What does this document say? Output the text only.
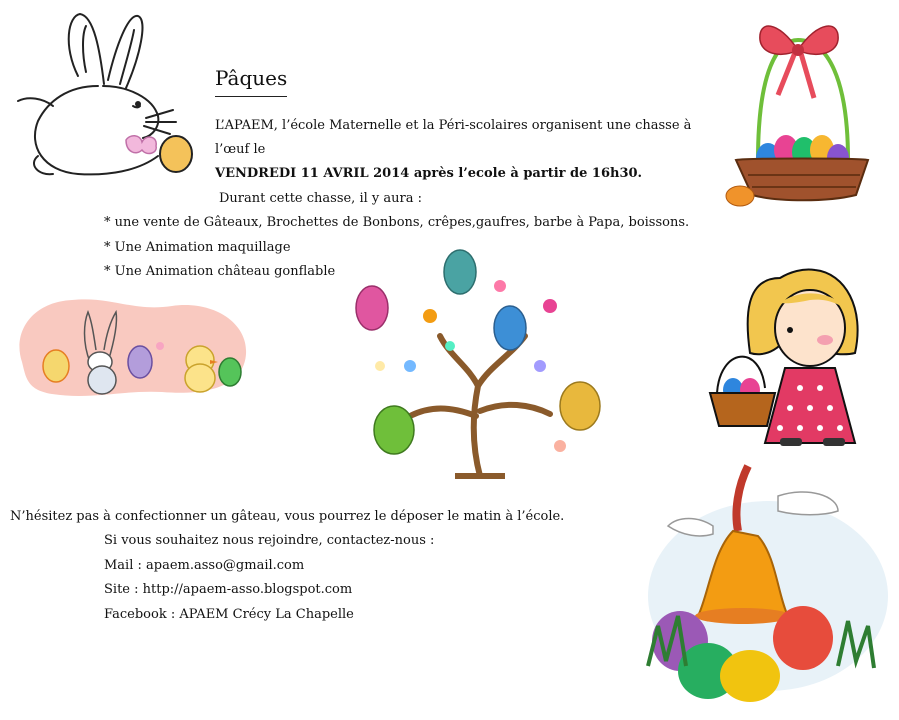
Pâques
L’APAEM, l’école Maternelle et la Péri-scolaires organisent une chasse à
l’œuf le
VENDREDI 11 AVRIL 2014 après l’ecole à partir de 16h30.
Durant cette chasse, il y aura :
* une vente de Gâteaux, Brochettes de Bonbons, crêpes,gaufres, barbe à Papa, boissons.
* Une Animation maquillage
* Une Animation château gonflable
N’hésitez pas à confectionner un gâteau, vous pourrez le déposer le matin à l’école.
Si vous souhaitez nous rejoindre, contactez-nous :
Mail : apaem.asso@gmail.com
Site : http://apaem-asso.blogspot.com
Facebook : APAEM Crécy La Chapelle
